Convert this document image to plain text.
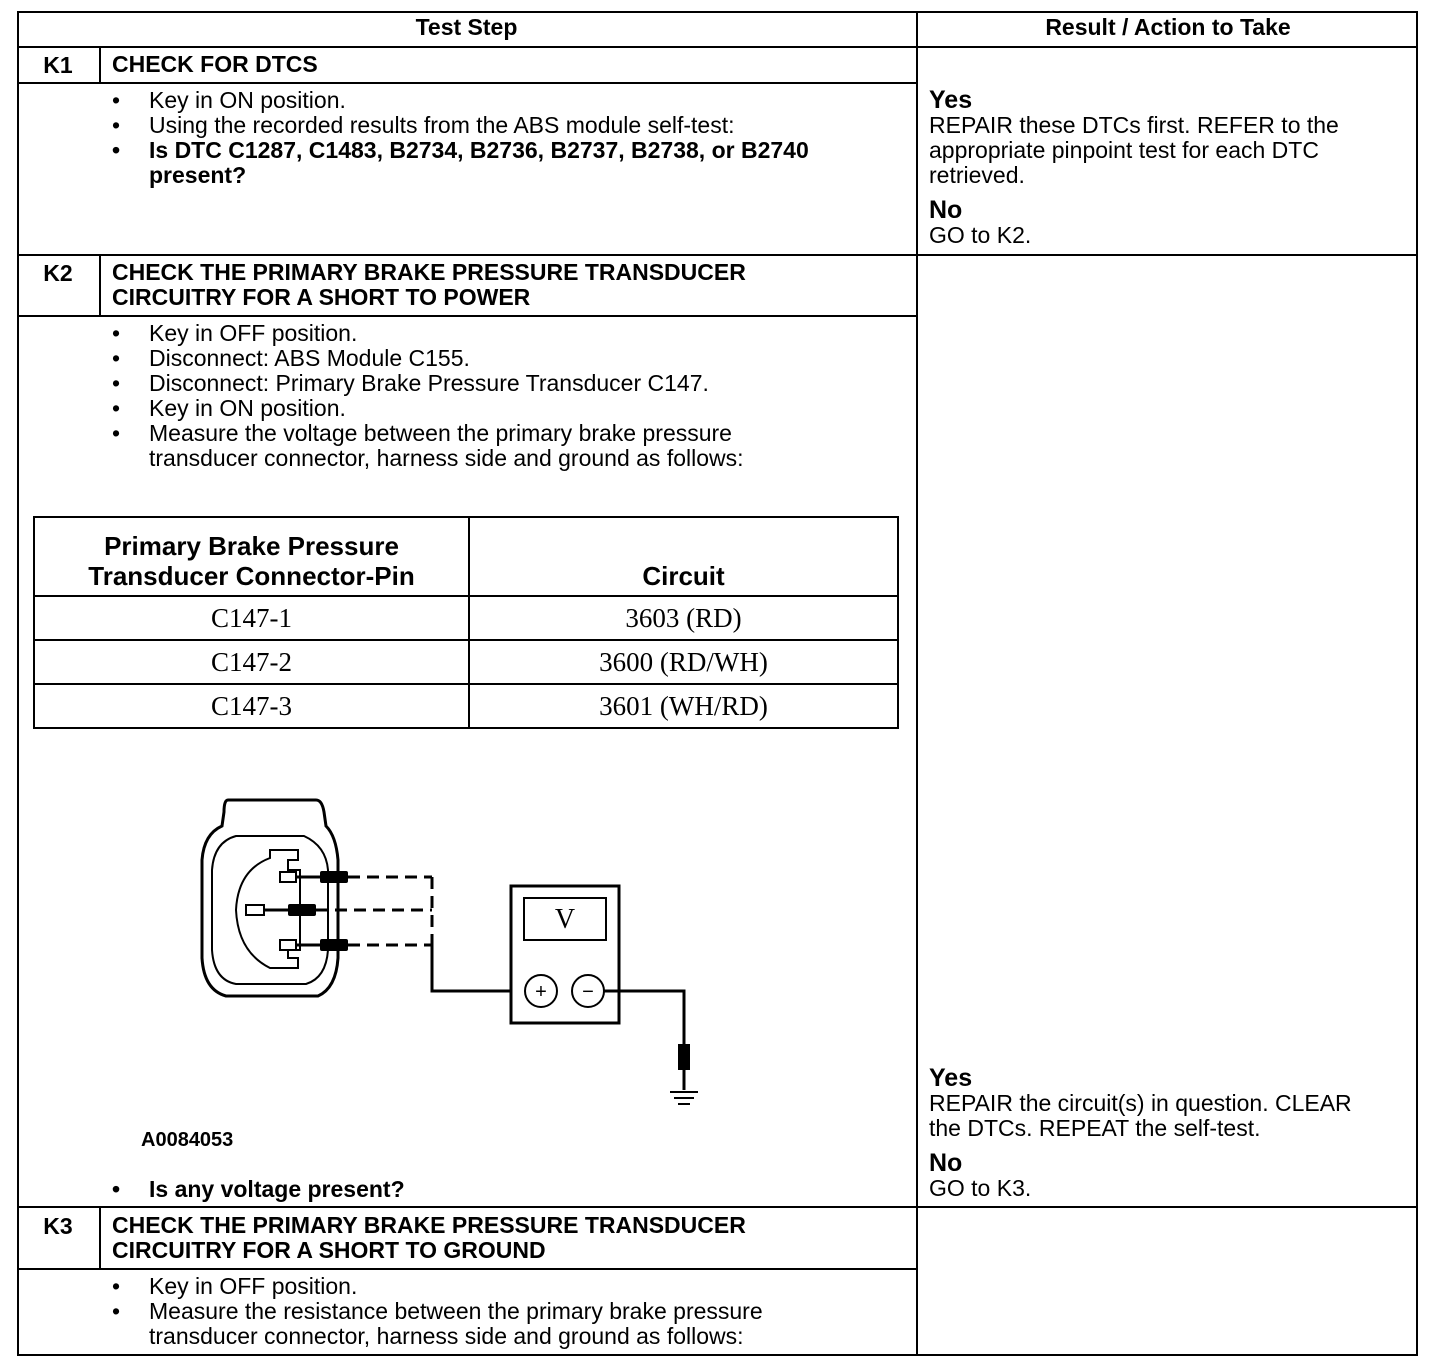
Test Step	Result / Action to Take
K1	CHECK FOR DTCS
• Key in ON position.
• Using the recorded results from the ABS module self-test:
• Is DTC C1287, C1483, B2734, B2736, B2737, B2738, or B2740
present?
Yes
REPAIR these DTCs first. REFER to the
appropriate pinpoint test for each DTC
retrieved.
No
GO to K2.
K2	CHECK THE PRIMARY BRAKE PRESSURE TRANSDUCER
CIRCUITRY FOR A SHORT TO POWER
• Key in OFF position.
• Disconnect: ABS Module C155.
• Disconnect: Primary Brake Pressure Transducer C147.
• Key in ON position.
• Measure the voltage between the primary brake pressure
transducer connector, harness side and ground as follows:
Primary Brake Pressure
Transducer Connector-Pin	Circuit
C147-1	3603 (RD)
C147-2	3600 (RD/WH)
C147-3	3601 (WH/RD)
V
+ −
A0084053
• Is any voltage present?
Yes
REPAIR the circuit(s) in question. CLEAR
the DTCs. REPEAT the self-test.
No
GO to K3.
K3	CHECK THE PRIMARY BRAKE PRESSURE TRANSDUCER
CIRCUITRY FOR A SHORT TO GROUND
• Key in OFF position.
• Measure the resistance between the primary brake pressure
transducer connector, harness side and ground as follows:
